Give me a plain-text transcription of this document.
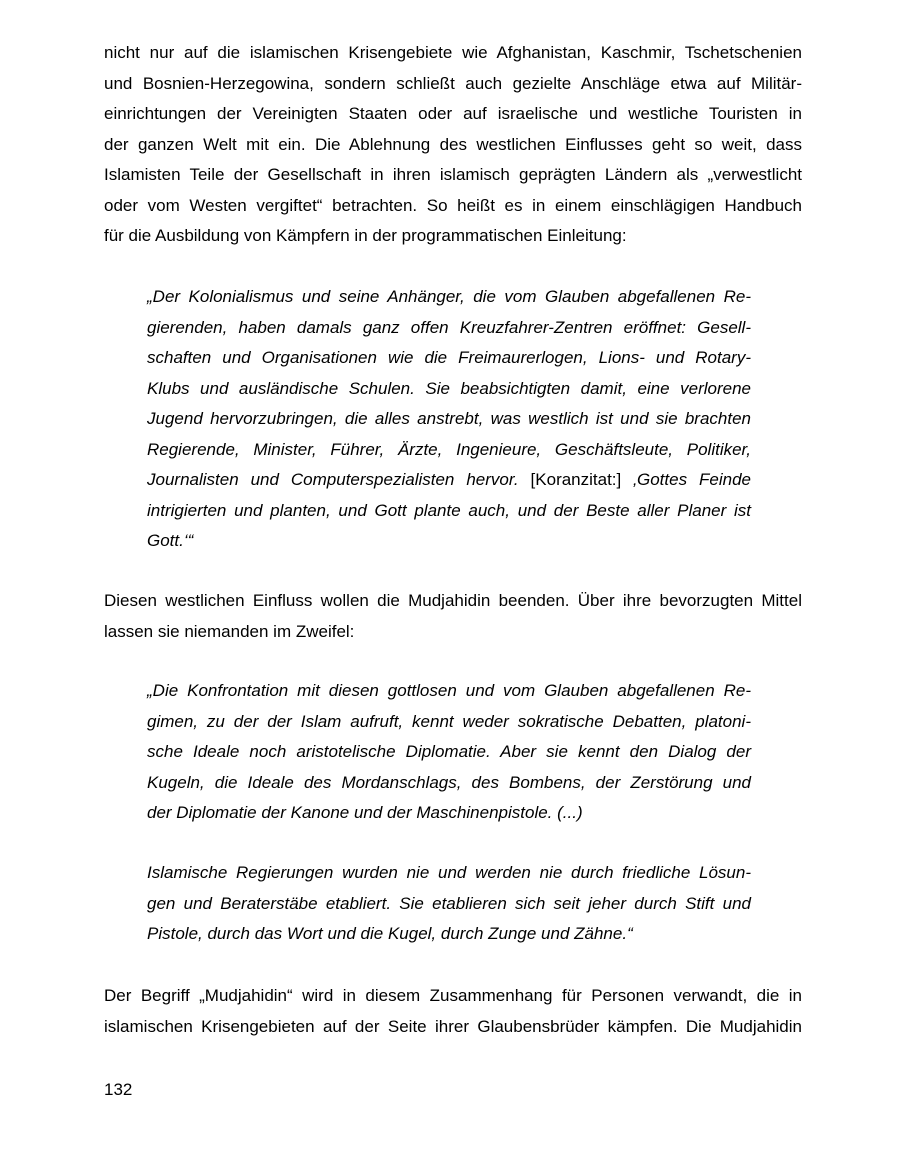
nicht nur auf die islamischen Krisengebiete wie Afghanistan, Kaschmir, Tschetschenien
und Bosnien-Herzegowina, sondern schließt auch gezielte Anschläge etwa auf Militär-
einrichtungen der Vereinigten Staaten oder auf israelische und westliche Touristen in
der ganzen Welt mit ein. Die Ablehnung des westlichen Einflusses geht so weit, dass
Islamisten Teile der Gesellschaft in ihren islamisch geprägten Ländern als „verwestlicht
oder vom Westen vergiftet“ betrachten. So heißt es in einem einschlägigen Handbuch
für die Ausbildung von Kämpfern in der programmatischen Einleitung:
„Der Kolonialismus und seine Anhänger, die vom Glauben abgefallenen Re-
gierenden, haben damals ganz offen Kreuzfahrer-Zentren eröffnet: Gesell-
schaften und Organisationen wie die Freimaurerlogen, Lions- und Rotary-
Klubs und ausländische Schulen. Sie beabsichtigten damit, eine verlorene
Jugend hervorzubringen, die alles anstrebt, was westlich ist und sie brachten
Regierende, Minister, Führer, Ärzte, Ingenieure, Geschäftsleute, Politiker,
Journalisten und Computerspezialisten hervor. [Koranzitat:] ‚Gottes Feinde
intrigierten und planten, und Gott plante auch, und der Beste aller Planer ist
Gott.‘“
Diesen westlichen Einfluss wollen die Mudjahidin beenden. Über ihre bevorzugten Mittel
lassen sie niemanden im Zweifel:
„Die Konfrontation mit diesen gottlosen und vom Glauben abgefallenen Re-
gimen, zu der der Islam aufruft, kennt weder sokratische Debatten, platoni-
sche Ideale noch aristotelische Diplomatie. Aber sie kennt den Dialog der
Kugeln, die Ideale des Mordanschlags, des Bombens, der Zerstörung und
der Diplomatie der Kanone und der Maschinenpistole. (...)
Islamische Regierungen wurden nie und werden nie durch friedliche Lösun-
gen und Beraterstäbe etabliert. Sie etablieren sich seit jeher durch Stift und
Pistole, durch das Wort und die Kugel, durch Zunge und Zähne.“
Der Begriff „Mudjahidin“ wird in diesem Zusammenhang für Personen verwandt, die in
islamischen Krisengebieten auf der Seite ihrer Glaubensbrüder kämpfen. Die Mudjahidin
132
